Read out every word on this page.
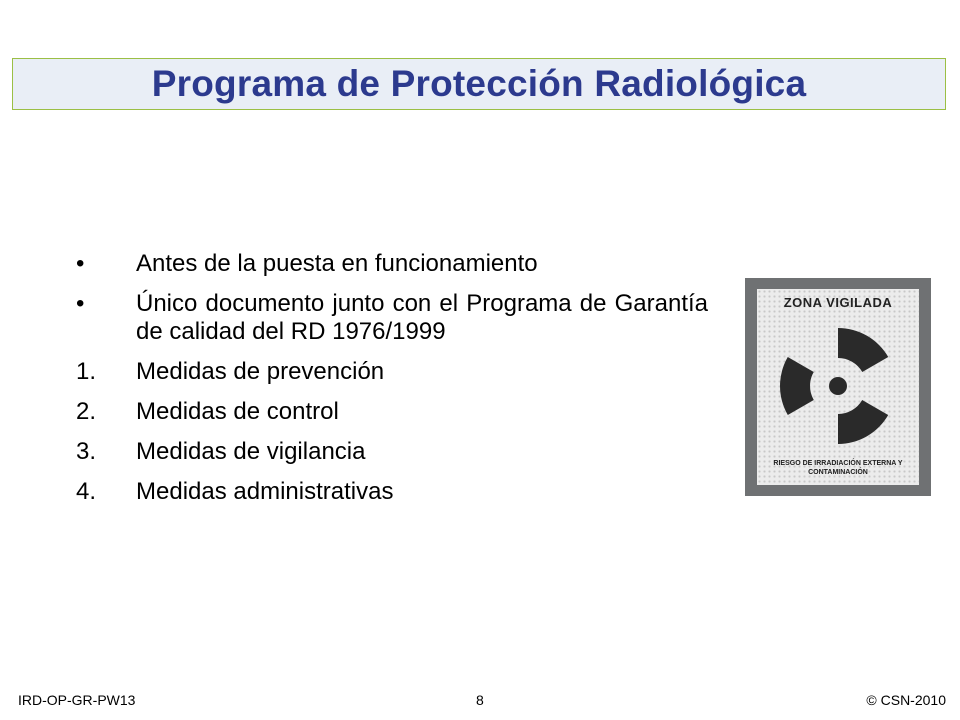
Programa de Protección Radiológica
•	Antes de la puesta en funcionamiento
•	Único documento junto con el Programa de Garantía de calidad del RD 1976/1999
1.	Medidas de prevención
2.	Medidas de control
3.	Medidas de vigilancia
4.	Medidas administrativas
ZONA VIGILADA
RIESGO DE IRRADIACIÓN EXTERNA Y CONTAMINACIÓN
IRD-OP-GR-PW13	8	© CSN-2010
